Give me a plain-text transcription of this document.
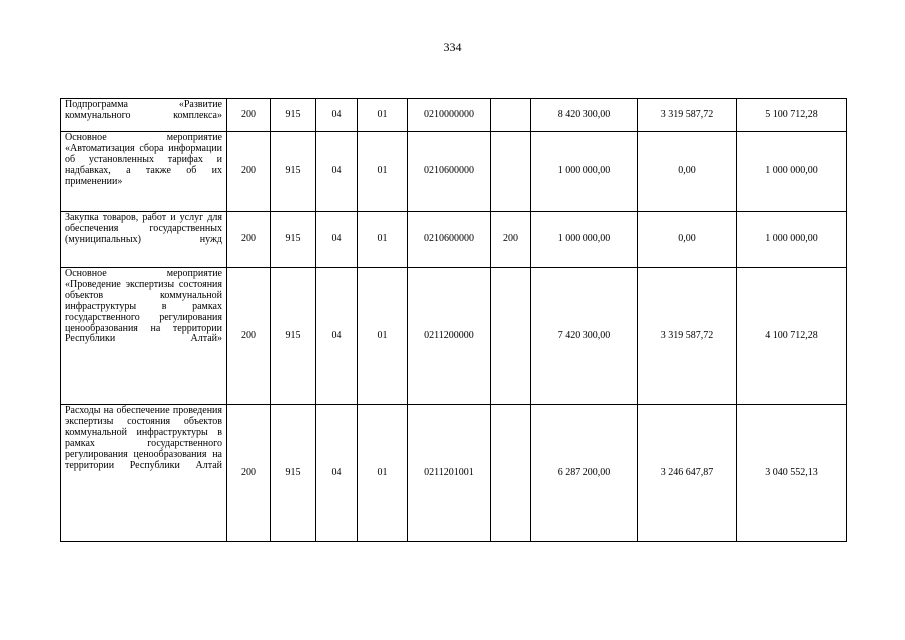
334
Подпрограмма «Развитие коммунального комплекса»	200	915	04	01	0210000000		8 420 300,00	3 319 587,72	5 100 712,28
Основное мероприятие «Автоматизация сбора информации об установленных тарифах и надбавках, а также об их применении»	200	915	04	01	0210600000		1 000 000,00	0,00	1 000 000,00
Закупка товаров, работ и услуг для обеспечения государственных (муниципальных) нужд	200	915	04	01	0210600000	200	1 000 000,00	0,00	1 000 000,00
Основное мероприятие «Проведение экспертизы состояния объектов коммунальной инфраструктуры в рамках государственного регулирования ценообразования на территории Республики Алтай»	200	915	04	01	0211200000		7 420 300,00	3 319 587,72	4 100 712,28
Расходы на обеспечение проведения экспертизы состояния объектов коммунальной инфраструктуры в рамках государственного регулирования ценообразования на территории Республики Алтай	200	915	04	01	0211201001		6 287 200,00	3 246 647,87	3 040 552,13
